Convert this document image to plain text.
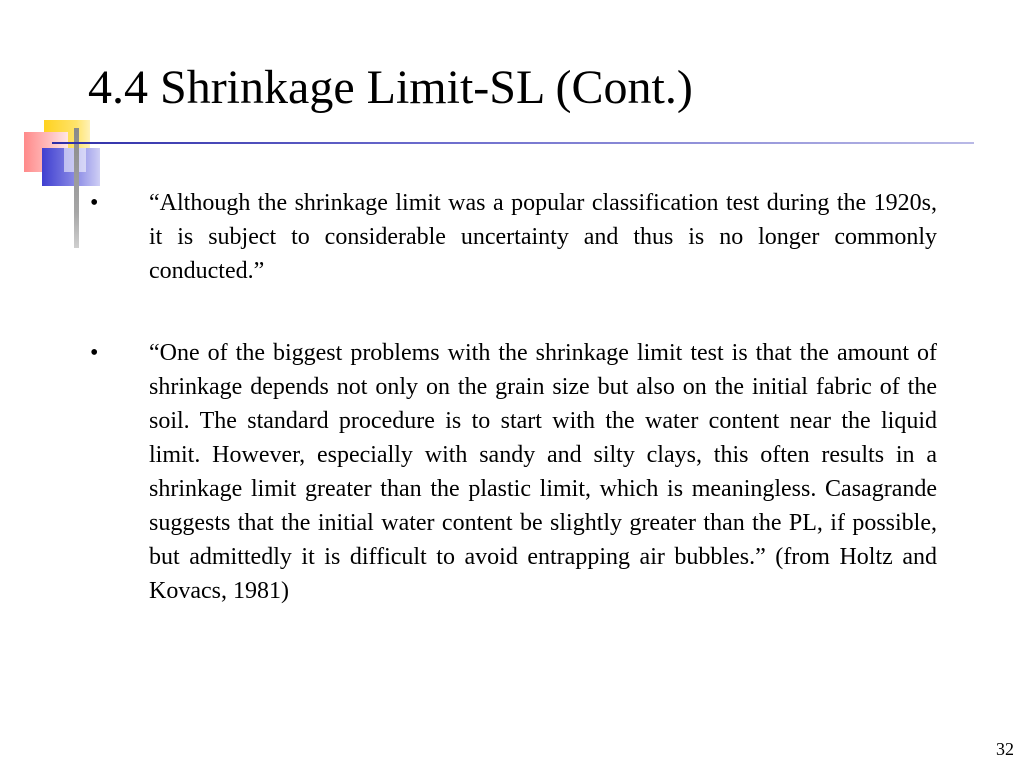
4.4 Shrinkage Limit-SL (Cont.)
•	“Although the shrinkage limit was a popular classification test during the 1920s, it is subject to considerable uncertainty and thus is no longer commonly conducted.”

•	“One of the biggest problems with the shrinkage limit test is that the amount of shrinkage depends not only on the grain size but also on the initial fabric of the soil. The standard procedure is to start with the water content near the liquid limit. However, especially with sandy and silty clays, this often results in a shrinkage limit greater than the plastic limit, which is meaningless. Casagrande suggests that the initial water content be slightly greater than the PL, if possible, but admittedly it is difficult to avoid entrapping air bubbles.” (from Holtz and Kovacs, 1981)

32
